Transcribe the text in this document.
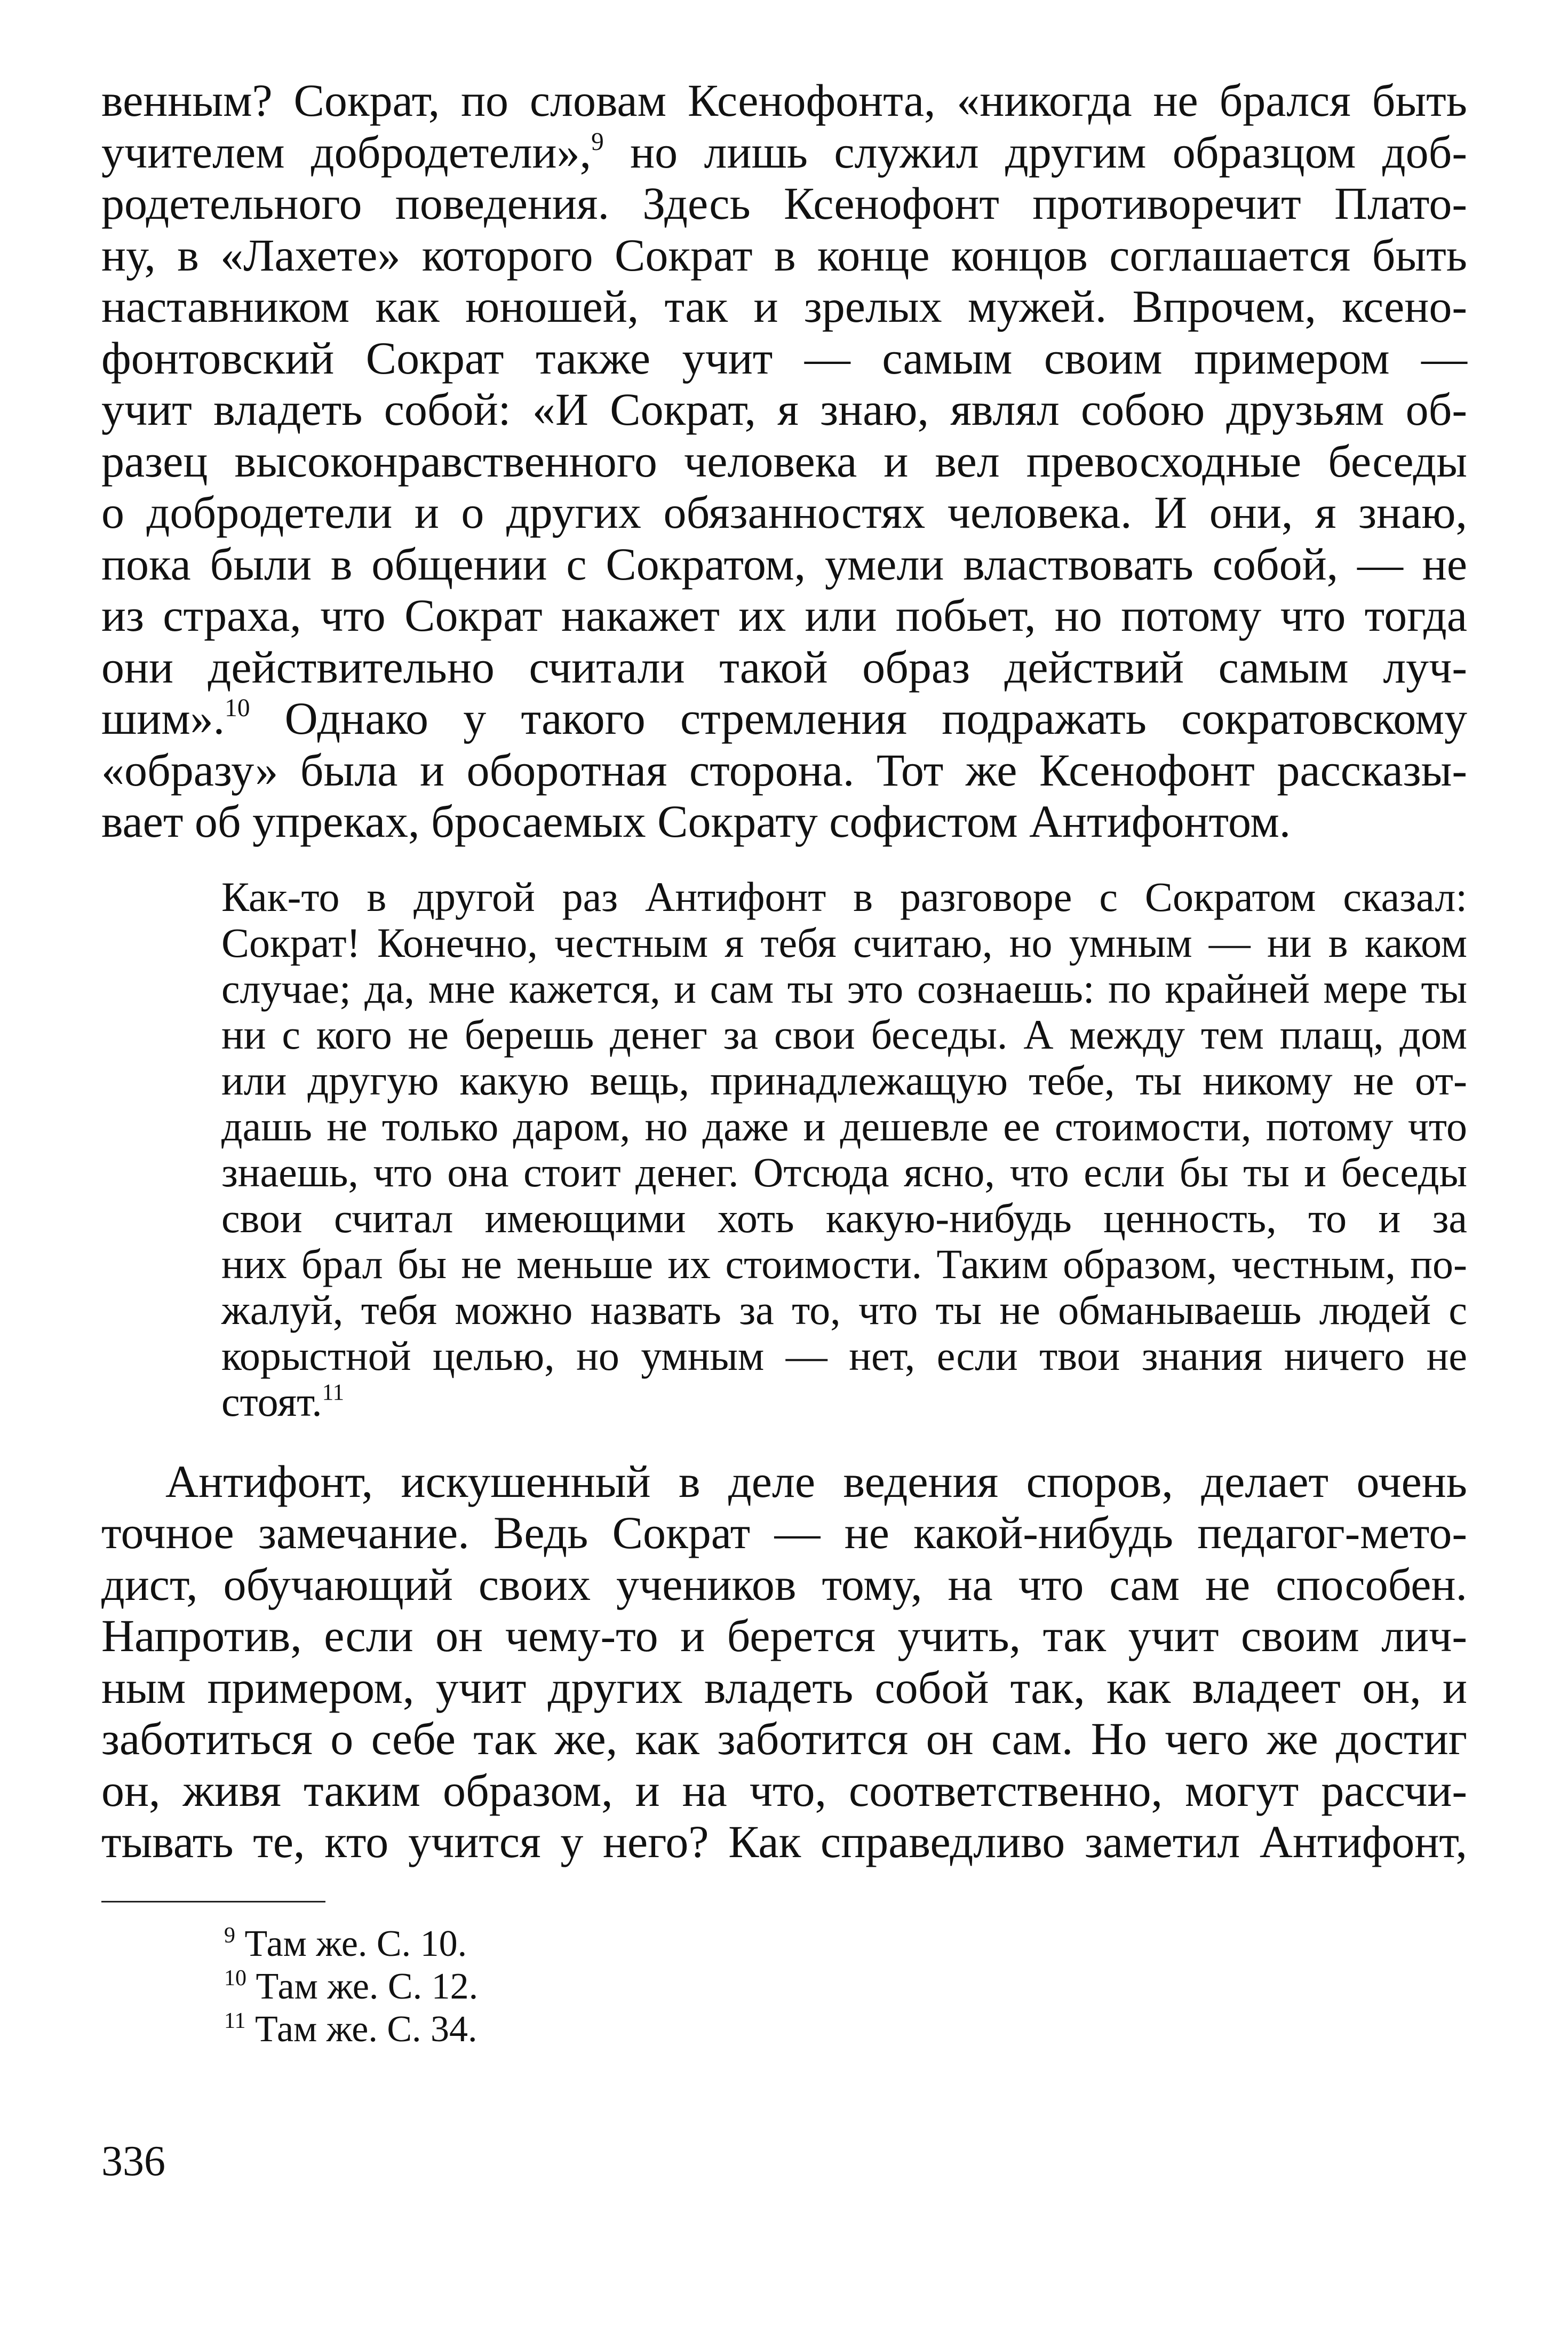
венным? Сократ, по словам Ксенофонта, «никогда не брался быть
учителем добродетели»,$^9$ но лишь служил другим образцом доб-
родетельного поведения. Здесь Ксенофонт противоречит Плато-
ну, в «Лахете» которого Сократ в конце концов соглашается быть
наставником как юношей, так и зрелых мужей. Впрочем, ксено-
фонтовский Сократ также учит — самым своим примером —
учит владеть собой: «И Сократ, я знаю, являл собою друзьям об-
разец высоконравственного человека и вел превосходные беседы
о добродетели и о других обязанностях человека. И они, я знаю,
пока были в общении с Сократом, умели властвовать собой, — не
из страха, что Сократ накажет их или побьет, но потому что тогда
они действительно считали такой образ действий самым луч-
шим».$^{10}$ Однако у такого стремления подражать сократовскому
«образу» была и оборотная сторона. Тот же Ксенофонт рассказы-
вает об упреках, бросаемых Сократу софистом Антифонтом.
Как-то в другой раз Антифонт в разговоре с Сократом сказал:
Сократ! Конечно, честным я тебя считаю, но умным — ни в каком
случае; да, мне кажется, и сам ты это сознаешь: по крайней мере ты
ни с кого не берешь денег за свои беседы. А между тем плащ, дом
или другую какую вещь, принадлежащую тебе, ты никому не от-
дашь не только даром, но даже и дешевле ее стоимости, потому что
знаешь, что она стоит денег. Отсюда ясно, что если бы ты и беседы
свои считал имеющими хоть какую-нибудь ценность, то и за
них брал бы не меньше их стоимости. Таким образом, честным, по-
жалуй, тебя можно назвать за то, что ты не обманываешь людей с
корыстной целью, но умным — нет, если твои знания ничего не
стоят.$^{11}$
Антифонт, искушенный в деле ведения споров, делает очень
точное замечание. Ведь Сократ — не какой-нибудь педагог-мето-
дист, обучающий своих учеников тому, на что сам не способен.
Напротив, если он чему-то и берется учить, так учит своим лич-
ным примером, учит других владеть собой так, как владеет он, и
заботиться о себе так же, как заботится он сам. Но чего же достиг
он, живя таким образом, и на что, соответственно, могут рассчи-
тывать те, кто учится у него? Как справедливо заметил Антифонт,
$^9$ Там же. С. 10.
$^{10}$ Там же. С. 12.
$^{11}$ Там же. С. 34.
336
